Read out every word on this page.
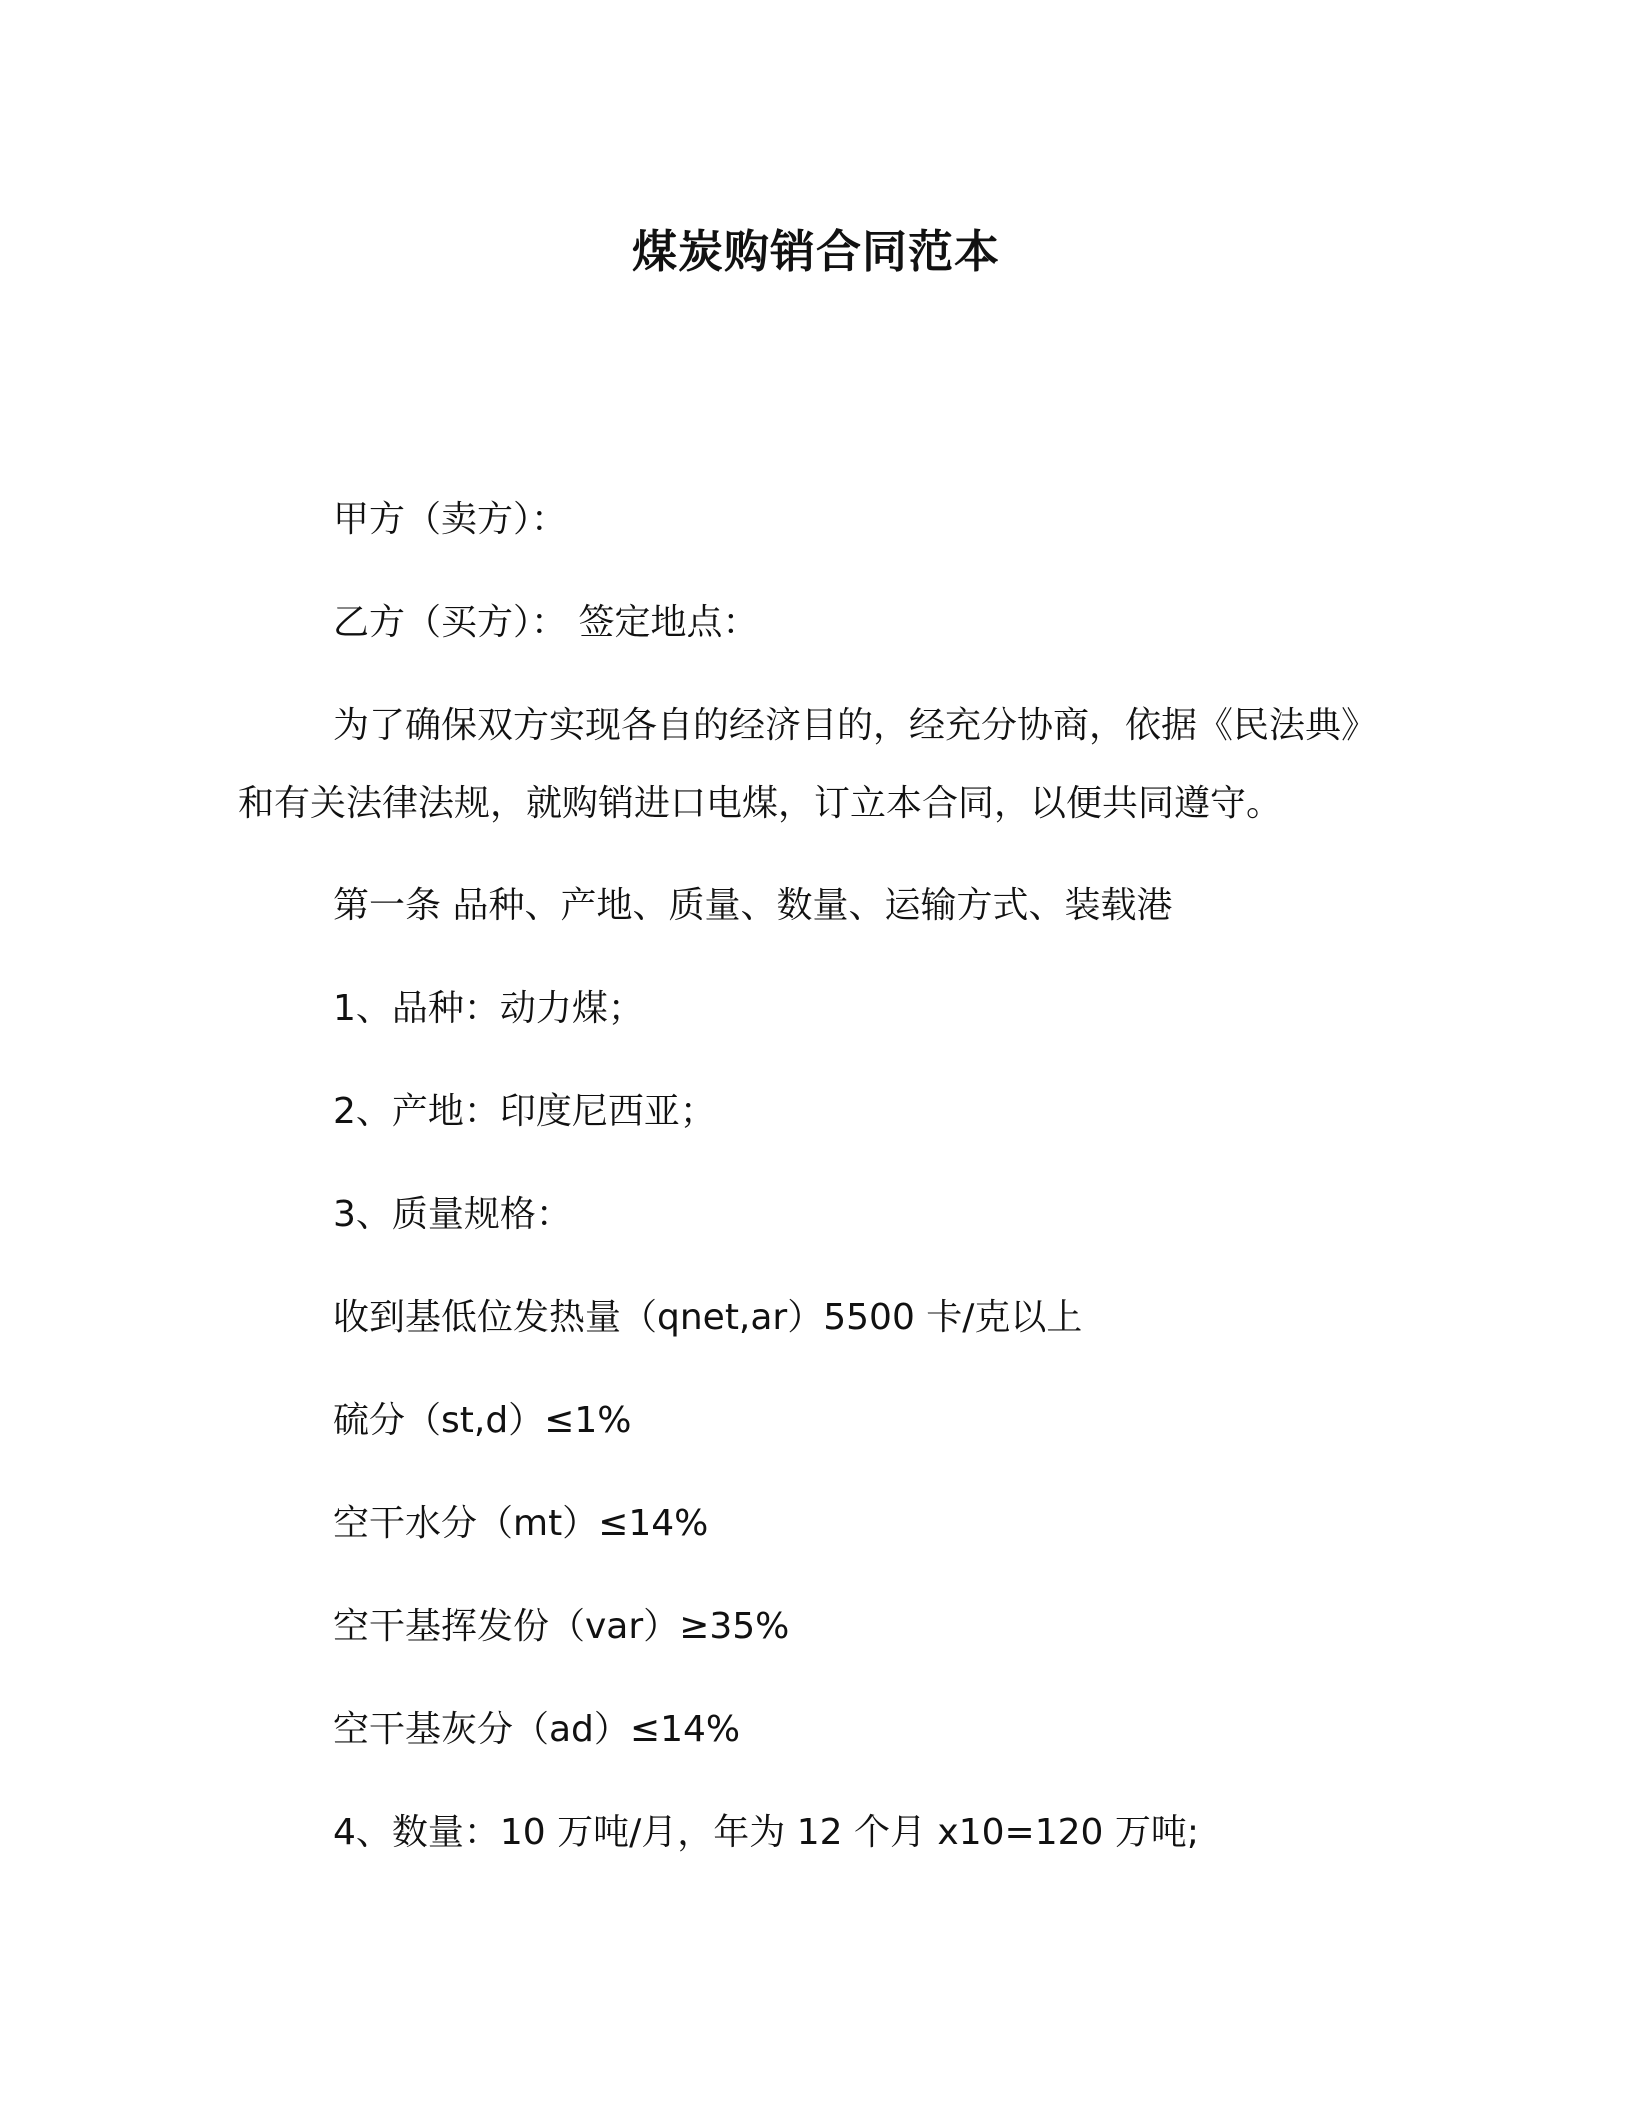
煤炭购销合同范本
甲方（卖方）：
乙方（买方）： 签定地点：
为了确保双方实现各自的经济目的，经充分协商，依据《民法典》
和有关法律法规，就购销进口电煤，订立本合同，以便共同遵守。
第一条 品种、产地、质量、数量、运输方式、装载港
1、品种：动力煤；
2、产地：印度尼西亚；
3、质量规格：
收到基低位发热量（qnet,ar）5500 卡/克以上
硫分（st,d）≤1%
空干水分（mt）≤14%
空干基挥发份（var）≥35%
空干基灰分（ad）≤14%
4、数量：10 万吨/月，年为 12 个月 x10=120 万吨;
